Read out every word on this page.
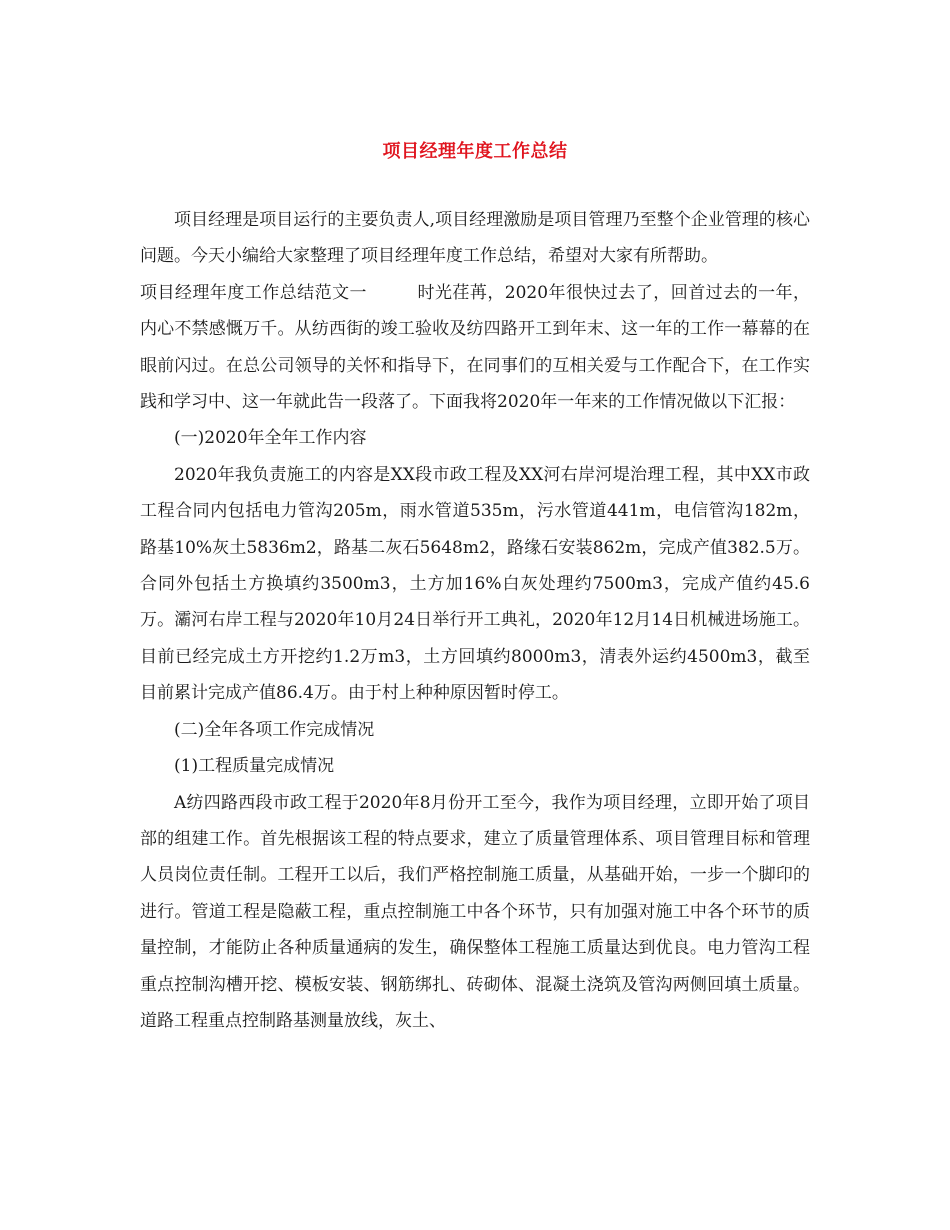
项目经理年度工作总结

项目经理是项目运行的主要负责人,项目经理激励是项目管理乃至整个企业管理的核心问题。今天小编给大家整理了项目经理年度工作总结，希望对大家有所帮助。

项目经理年度工作总结范文一	时光荏苒，2020年很快过去了，回首过去的一年，内心不禁感慨万千。从纺西街的竣工验收及纺四路开工到年末、这一年的工作一幕幕的在眼前闪过。在总公司领导的关怀和指导下，在同事们的互相关爱与工作配合下，在工作实践和学习中、这一年就此告一段落了。下面我将2020年一年来的工作情况做以下汇报：

(一)2020年全年工作内容

2020年我负责施工的内容是XX段市政工程及XX河右岸河堤治理工程，其中XX市政工程合同内包括电力管沟205m，雨水管道535m，污水管道441m，电信管沟182m，路基10%灰土5836m2，路基二灰石5648m2，路缘石安装862m，完成产值382.5万。合同外包括土方换填约3500m3，土方加16%白灰处理约7500m3，完成产值约45.6万。灞河右岸工程与2020年10月24日举行开工典礼，2020年12月14日机械进场施工。目前已经完成土方开挖约1.2万m3，土方回填约8000m3，清表外运约4500m3，截至目前累计完成产值86.4万。由于村上种种原因暂时停工。

(二)全年各项工作完成情况

(1)工程质量完成情况

A纺四路西段市政工程于2020年8月份开工至今，我作为项目经理，立即开始了项目部的组建工作。首先根据该工程的特点要求，建立了质量管理体系、项目管理目标和管理人员岗位责任制。工程开工以后，我们严格控制施工质量，从基础开始，一步一个脚印的进行。管道工程是隐蔽工程，重点控制施工中各个环节，只有加强对施工中各个环节的质量控制，才能防止各种质量通病的发生，确保整体工程施工质量达到优良。电力管沟工程重点控制沟槽开挖、模板安装、钢筋绑扎、砖砌体、混凝土浇筑及管沟两侧回填土质量。道路工程重点控制路基测量放线，灰土、
